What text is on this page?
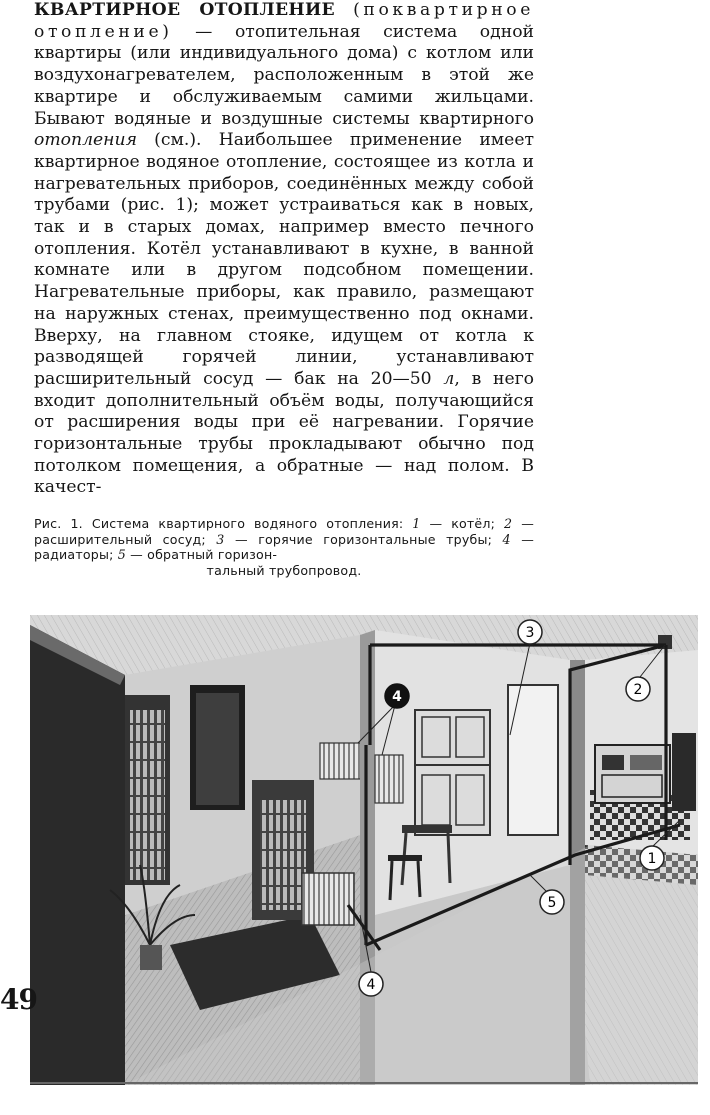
КВАРТИРНОЕ ОТОПЛЕНИЕ (поквартирное отопление) — отопительная система одной квартиры (или индивидуального дома) с котлом или воздухонагревателем, расположенным в этой же квартире и обслуживаемым самими жильцами. Бывают водяные и воздушные системы квартирного отопления (см.). Наибольшее применение имеет квартирное водяное отопление, состоящее из котла и нагревательных приборов, соединённых между собой трубами (рис. 1); может устраиваться как в новых, так и в старых домах, например вместо печного отопления. Котёл устанавливают в кухне, в ванной комнате или в другом подсобном помещении. Нагревательные приборы, как правило, размещают на наружных стенах, преимущественно под окнами. Вверху, на главном стояке, идущем от котла к разводящей горячей линии, устанавливают расширительный сосуд — бак на 20—50 л, в него входит дополнительный объём воды, получающийся от расширения воды при её нагревании. Горячие горизонтальные трубы прокладывают обычно под потолком помещения, а обратные — над полом. В качест-
Рис. 1. Система квартирного водяного отопления: 1 — котёл; 2 — расширительный сосуд; 3 — горячие горизонтальные трубы; 4 — радиаторы; 5 — обратный горизон-
тальный трубопровод.
1
2
3
4
4
5
49
